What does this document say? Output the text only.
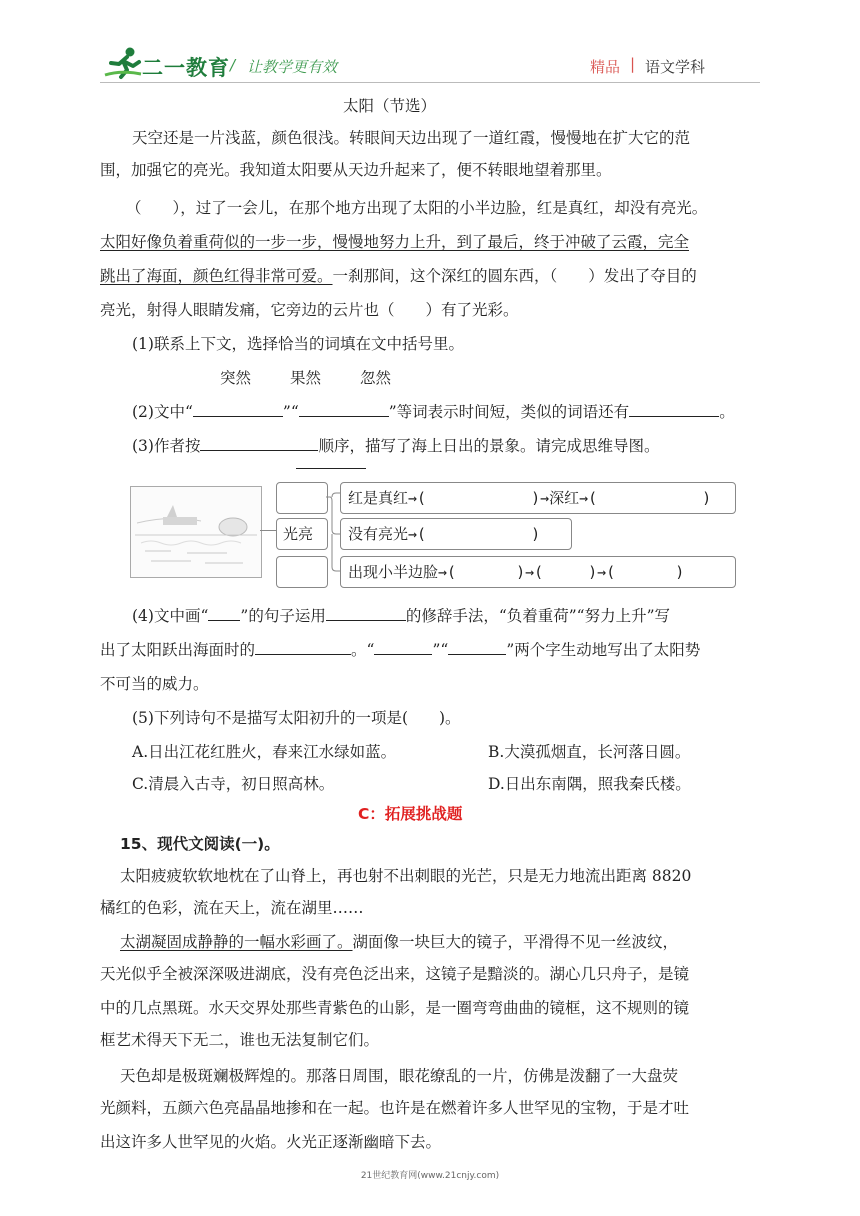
二一教育 / 让教学更有效	精品 | 语文学科
太阳（节选）
天空还是一片浅蓝，颜色很浅。转眼间天边出现了一道红霞，慢慢地在扩大它的范
围，加强它的亮光。我知道太阳要从天边升起来了，便不转眼地望着那里。
（　　），过了一会儿，在那个地方出现了太阳的小半边脸，红是真红，却没有亮光。
太阳好像负着重荷似的一步一步，慢慢地努力上升，到了最后，终于冲破了云霞，完全
跳出了海面，颜色红得非常可爱。一刹那间，这个深红的圆东西，（　　）发出了夺目的
亮光，射得人眼睛发痛，它旁边的云片也（　　）有了光彩。
(1)联系上下文，选择恰当的词填在文中括号里。
突然	果然	忽然
(2)文中“	”“	”等词表示时间短，类似的词语还有	。
(3)作者按	顺序，描写了海上日出的景象。请完成思维导图。
光亮
红是真红→(　　　　　　　)→深红→(　　　　　　　)
没有亮光→(　　　　　　　)
出现小半边脸→(　　　　)→(　　　)→(　　　　)
(4)文中画“ ”的句子运用	的修辞手法，“负着重荷”“努力上升”写
出了太阳跃出海面时的	。“	”“	”两个字生动地写出了太阳势
不可当的威力。
(5)下列诗句不是描写太阳初升的一项是(　　)。
A.日出江花红胜火，春来江水绿如蓝。	B.大漠孤烟直，长河落日圆。
C.清晨入古寺，初日照高林。	D.日出东南隅，照我秦氏楼。
C：拓展挑战题
15、现代文阅读(一)。
太阳疲疲软软地枕在了山脊上，再也射不出刺眼的光芒，只是无力地流出距离 8820
橘红的色彩，流在天上，流在湖里……
太湖凝固成静静的一幅水彩画了。湖面像一块巨大的镜子，平滑得不见一丝波纹，
天光似乎全被深深吸进湖底，没有亮色泛出来，这镜子是黯淡的。湖心几只舟子，是镜
中的几点黑斑。水天交界处那些青紫色的山影，是一圈弯弯曲曲的镜框，这不规则的镜
框艺术得天下无二，谁也无法复制它们。
天色却是极斑斓极辉煌的。那落日周围，眼花缭乱的一片，仿佛是泼翻了一大盘荧
光颜料，五颜六色亮晶晶地掺和在一起。也许是在燃着许多人世罕见的宝物，于是才吐
出这许多人世罕见的火焰。火光正逐渐幽暗下去。
21世纪教育网(www.21cnjy.com)
